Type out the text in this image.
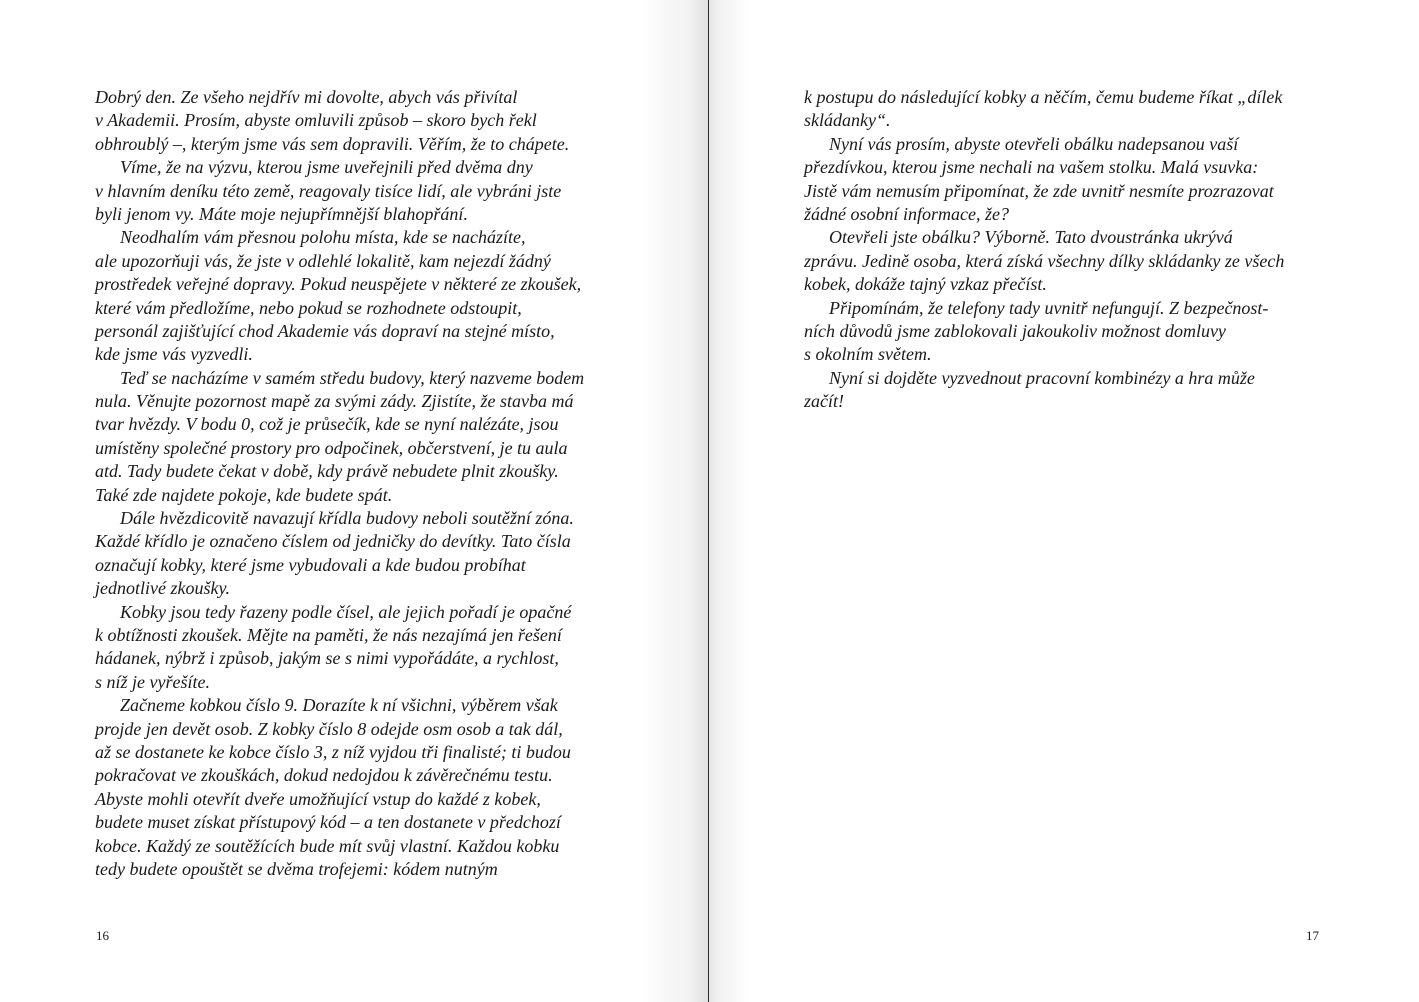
Dobrý den. Ze všeho nejdřív mi dovolte, abych vás přivítal
v Akademii. Prosím, abyste omluvili způsob – skoro bych řekl
obhroublý –, kterým jsme vás sem dopravili. Věřím, že to chápete.
Víme, že na výzvu, kterou jsme uveřejnili před dvěma dny
v hlavním deníku této země, reagovaly tisíce lidí, ale vybráni jste
byli jenom vy. Máte moje nejupřímnější blahopřání.
Neodhalím vám přesnou polohu místa, kde se nacházíte,
ale upozorňuji vás, že jste v odlehlé lokalitě, kam nejezdí žádný
prostředek veřejné dopravy. Pokud neuspějete v některé ze zkoušek,
které vám předložíme, nebo pokud se rozhodnete odstoupit,
personál zajišťující chod Akademie vás dopraví na stejné místo,
kde jsme vás vyzvedli.
Teď se nacházíme v samém středu budovy, který nazveme bodem
nula. Věnujte pozornost mapě za svými zády. Zjistíte, že stavba má
tvar hvězdy. V bodu 0, což je průsečík, kde se nyní nalézáte, jsou
umístěny společné prostory pro odpočinek, občerstvení, je tu aula
atd. Tady budete čekat v době, kdy právě nebudete plnit zkoušky.
Také zde najdete pokoje, kde budete spát.
Dále hvězdicovitě navazují křídla budovy neboli soutěžní zóna.
Každé křídlo je označeno číslem od jedničky do devítky. Tato čísla
označují kobky, které jsme vybudovali a kde budou probíhat
jednotlivé zkoušky.
Kobky jsou tedy řazeny podle čísel, ale jejich pořadí je opačné
k obtížnosti zkoušek. Mějte na paměti, že nás nezajímá jen řešení
hádanek, nýbrž i způsob, jakým se s nimi vypořádáte, a rychlost,
s níž je vyřešíte.
Začneme kobkou číslo 9. Dorazíte k ní všichni, výběrem však
projde jen devět osob. Z kobky číslo 8 odejde osm osob a tak dál,
až se dostanete ke kobce číslo 3, z níž vyjdou tři finalisté; ti budou
pokračovat ve zkouškách, dokud nedojdou k závěrečnému testu.
Abyste mohli otevřít dveře umožňující vstup do každé z kobek,
budete muset získat přístupový kód – a ten dostanete v předchozí
kobce. Každý ze soutěžících bude mít svůj vlastní. Každou kobku
tedy budete opouštět se dvěma trofejemi: kódem nutným
16
k postupu do následující kobky a něčím, čemu budeme říkat „dílek
skládanky“.
Nyní vás prosím, abyste otevřeli obálku nadepsanou vaší
přezdívkou, kterou jsme nechali na vašem stolku. Malá vsuvka:
Jistě vám nemusím připomínat, že zde uvnitř nesmíte prozrazovat
žádné osobní informace, že?
Otevřeli jste obálku? Výborně. Tato dvoustránka ukrývá
zprávu. Jedině osoba, která získá všechny dílky skládanky ze všech
kobek, dokáže tajný vzkaz přečíst.
Připomínám, že telefony tady uvnitř nefungují. Z bezpečnost-
ních důvodů jsme zablokovali jakoukoliv možnost domluvy
s okolním světem.
Nyní si dojděte vyzvednout pracovní kombinézy a hra může
začít!
17
